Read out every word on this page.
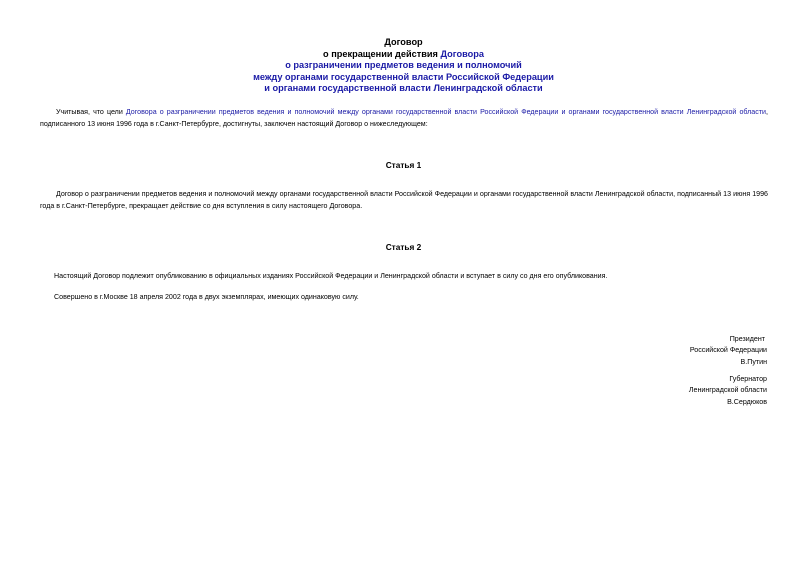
Договор
о прекращении действия Договора
о разграничении предметов ведения и полномочий
между органами государственной власти Российской Федерации
и органами государственной власти Ленинградской области
Учитывая, что цели Договора о разграничении предметов ведения и полномочий между органами государственной власти Российской Федерации и органами государственной власти Ленинградской области, подписанного 13 июня 1996 года в г.Санкт-Петербурге, достигнуты, заключен настоящий Договор о нижеследующем:
Статья 1
Договор о разграничении предметов ведения и полномочий между органами государственной власти Российской Федерации и органами государственной власти Ленинградской области, подписанный 13 июня 1996 года в г.Санкт-Петербурге, прекращает действие со дня вступления в силу настоящего Договора.
Статья 2
Настоящий Договор подлежит опубликованию в официальных изданиях Российской Федерации и Ленинградской области и вступает в силу со дня его опубликования.
Совершено в г.Москве 18 апреля 2002 года в двух экземплярах, имеющих одинаковую силу.
Президент
Российской Федерации
В.Путин
Губернатор
Ленинградской области
В.Сердюков
